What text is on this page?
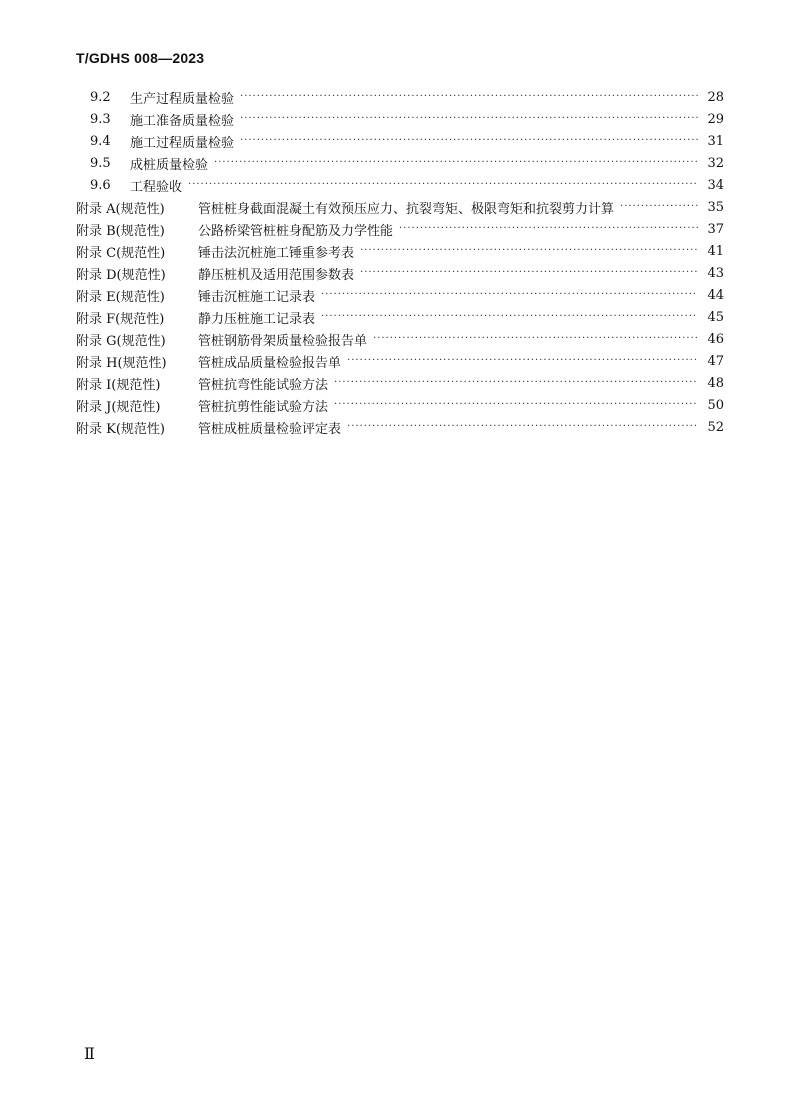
T/GDHS 008—2023
9.2	生产过程质量检验 ·····	28
9.3	施工准备质量检验 ·····	29
9.4	施工过程质量检验 ·····	31
9.5	成桩质量检验 ·····	32
9.6	工程验收 ·····	34
附录 A(规范性)	管桩桩身截面混凝土有效预压应力、抗裂弯矩、极限弯矩和抗裂剪力计算 ·····	35
附录 B(规范性)	公路桥梁管桩桩身配筋及力学性能 ·····	37
附录 C(规范性)	锤击法沉桩施工锤重参考表 ·····	41
附录 D(规范性)	静压桩机及适用范围参数表 ·····	43
附录 E(规范性)	锤击沉桩施工记录表 ·····	44
附录 F(规范性)	静力压桩施工记录表 ·····	45
附录 G(规范性)	管桩钢筋骨架质量检验报告单 ·····	46
附录 H(规范性)	管桩成品质量检验报告单 ·····	47
附录 I(规范性)	管桩抗弯性能试验方法 ·····	48
附录 J(规范性)	管桩抗剪性能试验方法 ·····	50
附录 K(规范性)	管桩成桩质量检验评定表 ·····	52
Ⅱ
